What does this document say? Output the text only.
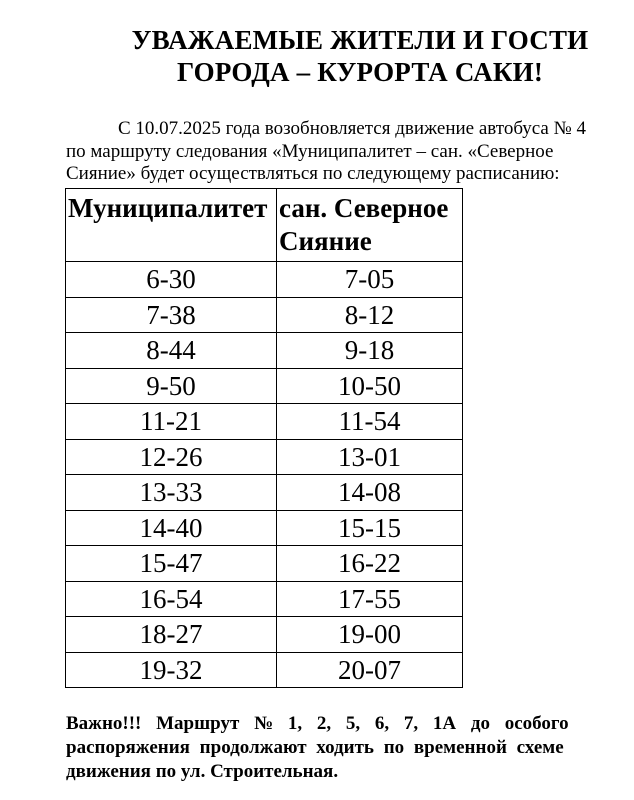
УВАЖАЕМЫЕ ЖИТЕЛИ И ГОСТИ
ГОРОДА – КУРОРТА САКИ!

С 10.07.2025 года возобновляется движение автобуса № 4
по маршруту следования «Муниципалитет – сан. «Северное
Сияние» будет осуществляться по следующему расписанию:

Муниципалитет	сан. Северное
Сияние
6-30	7-05
7-38	8-12
8-44	9-18
9-50	10-50
11-21	11-54
12-26	13-01
13-33	14-08
14-40	15-15
15-47	16-22
16-54	17-55
18-27	19-00
19-32	20-07

Важно!!! Маршрут № 1, 2, 5, 6, 7, 1А до особого
распоряжения продолжают ходить по временной схеме
движения по ул. Строительная.
